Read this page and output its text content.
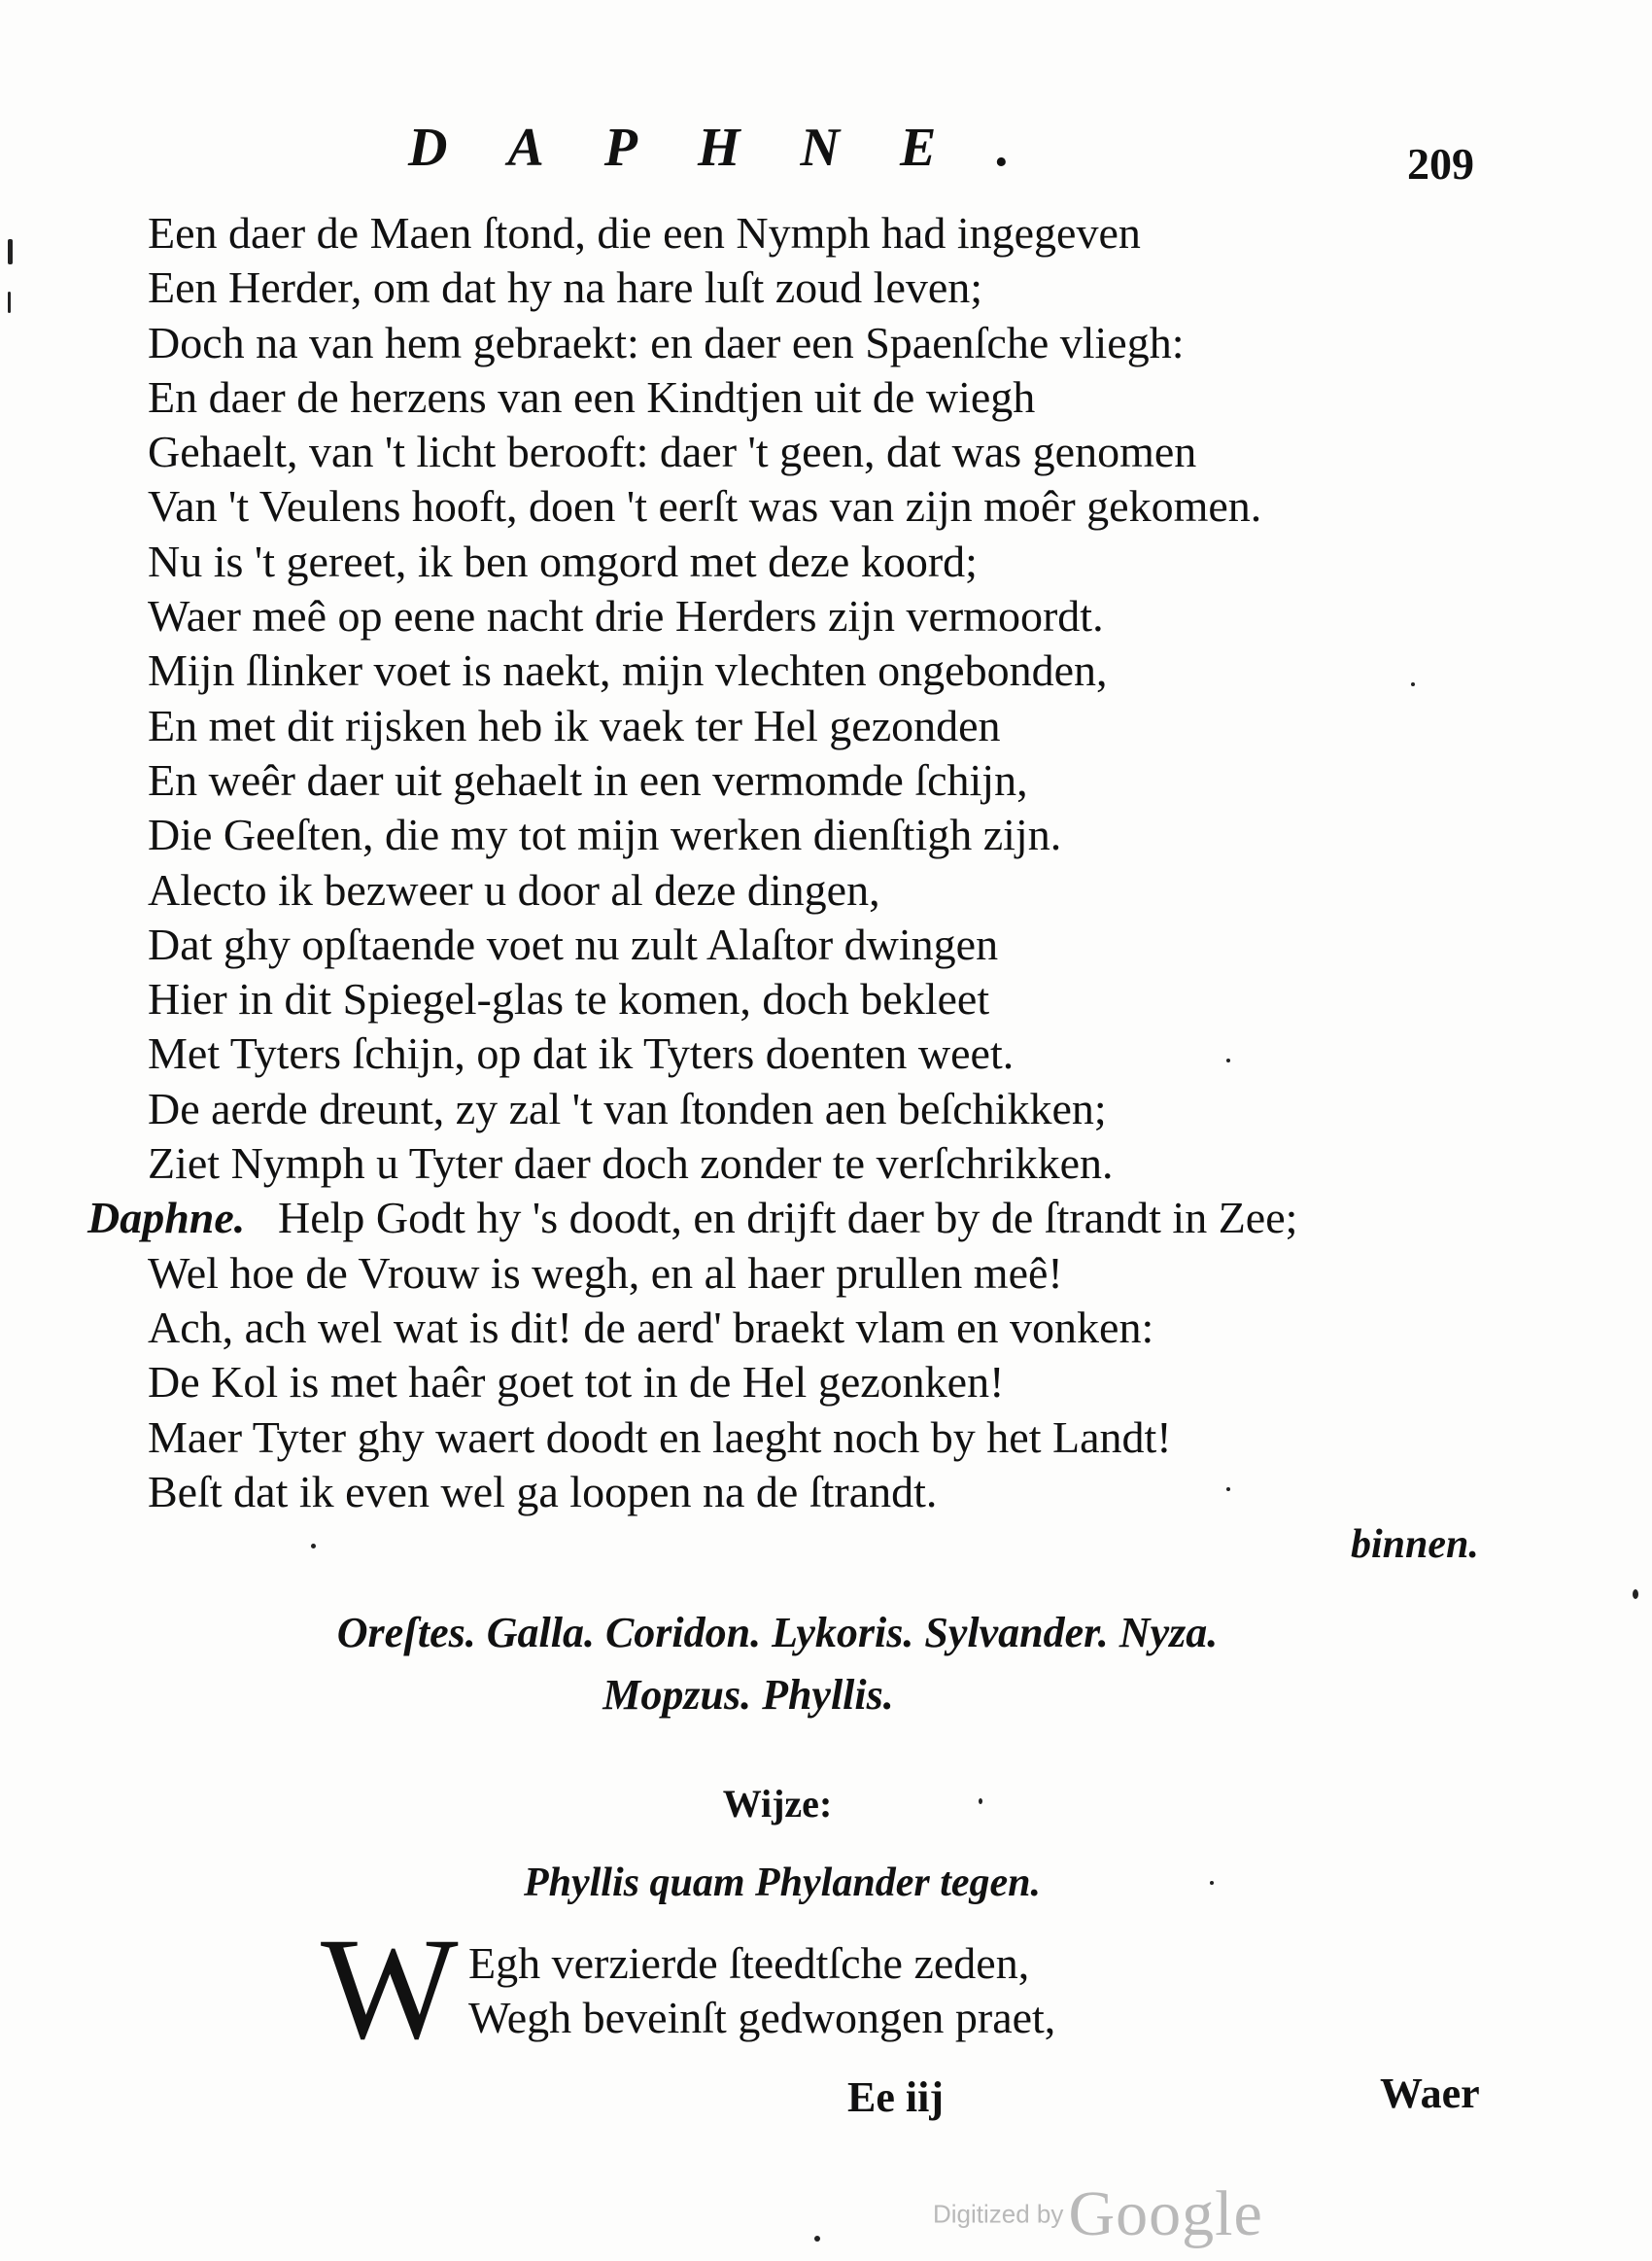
DAPHNE.	209
Een daer de Maen ſtond, die een Nymph had ingegeven
Een Herder, om dat hy na hare luſt zoud leven;
Doch na van hem gebraekt: en daer een Spaenſche vliegh:
En daer de herzens van een Kindtjen uit de wiegh
Gehaelt, van 't licht berooft: daer 't geen, dat was genomen
Van 't Veulens hooft, doen 't eerſt was van zijn moêr gekomen.
Nu is 't gereet, ik ben omgord met deze koord;
Waer meê op eene nacht drie Herders zijn vermoordt.
Mijn ſlinker voet is naekt, mijn vlechten ongebonden,
En met dit rijsken heb ik vaek ter Hel gezonden
En weêr daer uit gehaelt in een vermomde ſchijn,
Die Geeſten, die my tot mijn werken dienſtigh zijn.
Alecto ik bezweer u door al deze dingen,
Dat ghy opſtaende voet nu zult Alaſtor dwingen
Hier in dit Spiegel-glas te komen, doch bekleet
Met Tyters ſchijn, op dat ik Tyters doenten weet.
De aerde dreunt, zy zal 't van ſtonden aen beſchikken;
Ziet Nymph u Tyter daer doch zonder te verſchrikken.
Daphne. Help Godt hy 's doodt, en drijft daer by de ſtrandt in Zee;
Wel hoe de Vrouw is wegh, en al haer prullen meê!
Ach, ach wel wat is dit! de aerd' braekt vlam en vonken:
De Kol is met haêr goet tot in de Hel gezonken!
Maer Tyter ghy waert doodt en laeght noch by het Landt!
Beſt dat ik even wel ga loopen na de ſtrandt.
binnen.
Oreſtes. Galla. Coridon. Lykoris. Sylvander. Nyza.
Mopzus. Phyllis.
Wijze:
Phyllis quam Phylander tegen.
W Egh verzierde ſteedtſche zeden,
Wegh beveinſt gedwongen praet,
Ee iij	Waer
Digitized by Google
